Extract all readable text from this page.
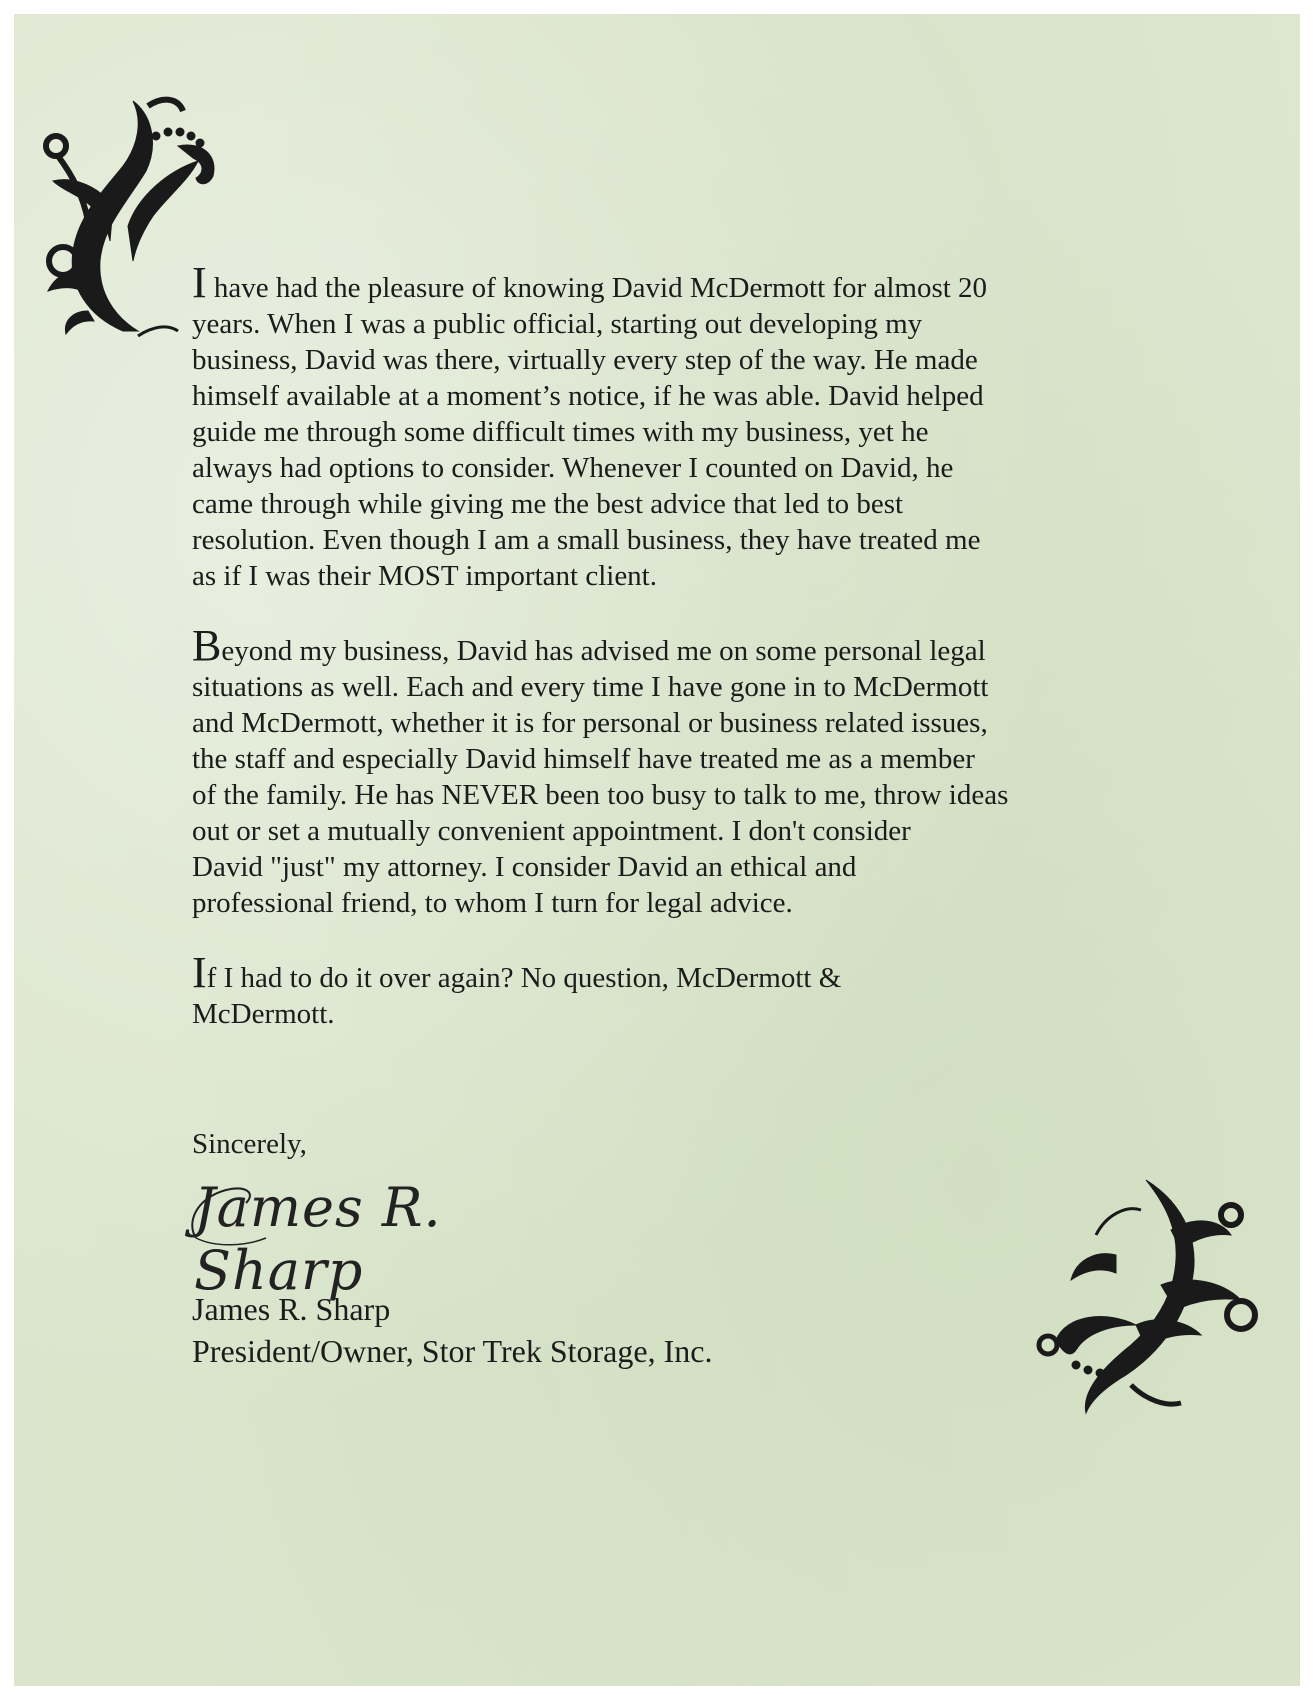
I have had the pleasure of knowing David McDermott for almost 20
years. When I was a public official, starting out developing my
business, David was there, virtually every step of the way. He made
himself available at a moment’s notice, if he was able. David helped
guide me through some difficult times with my business, yet he
always had options to consider. Whenever I counted on David, he
came through while giving me the best advice that led to best
resolution. Even though I am a small business, they have treated me
as if I was their MOST important client.

Beyond my business, David has advised me on some personal legal
situations as well. Each and every time I have gone in to McDermott
and McDermott, whether it is for personal or business related issues,
the staff and especially David himself have treated me as a member
of the family. He has NEVER been too busy to talk to me, throw ideas
out or set a mutually convenient appointment. I don't consider
David "just" my attorney. I consider David an ethical and
professional friend, to whom I turn for legal advice.

If I had to do it over again? No question, McDermott &
McDermott.

Sincerely,

James R. Sharp
James R. Sharp
President/Owner, Stor Trek Storage, Inc.
